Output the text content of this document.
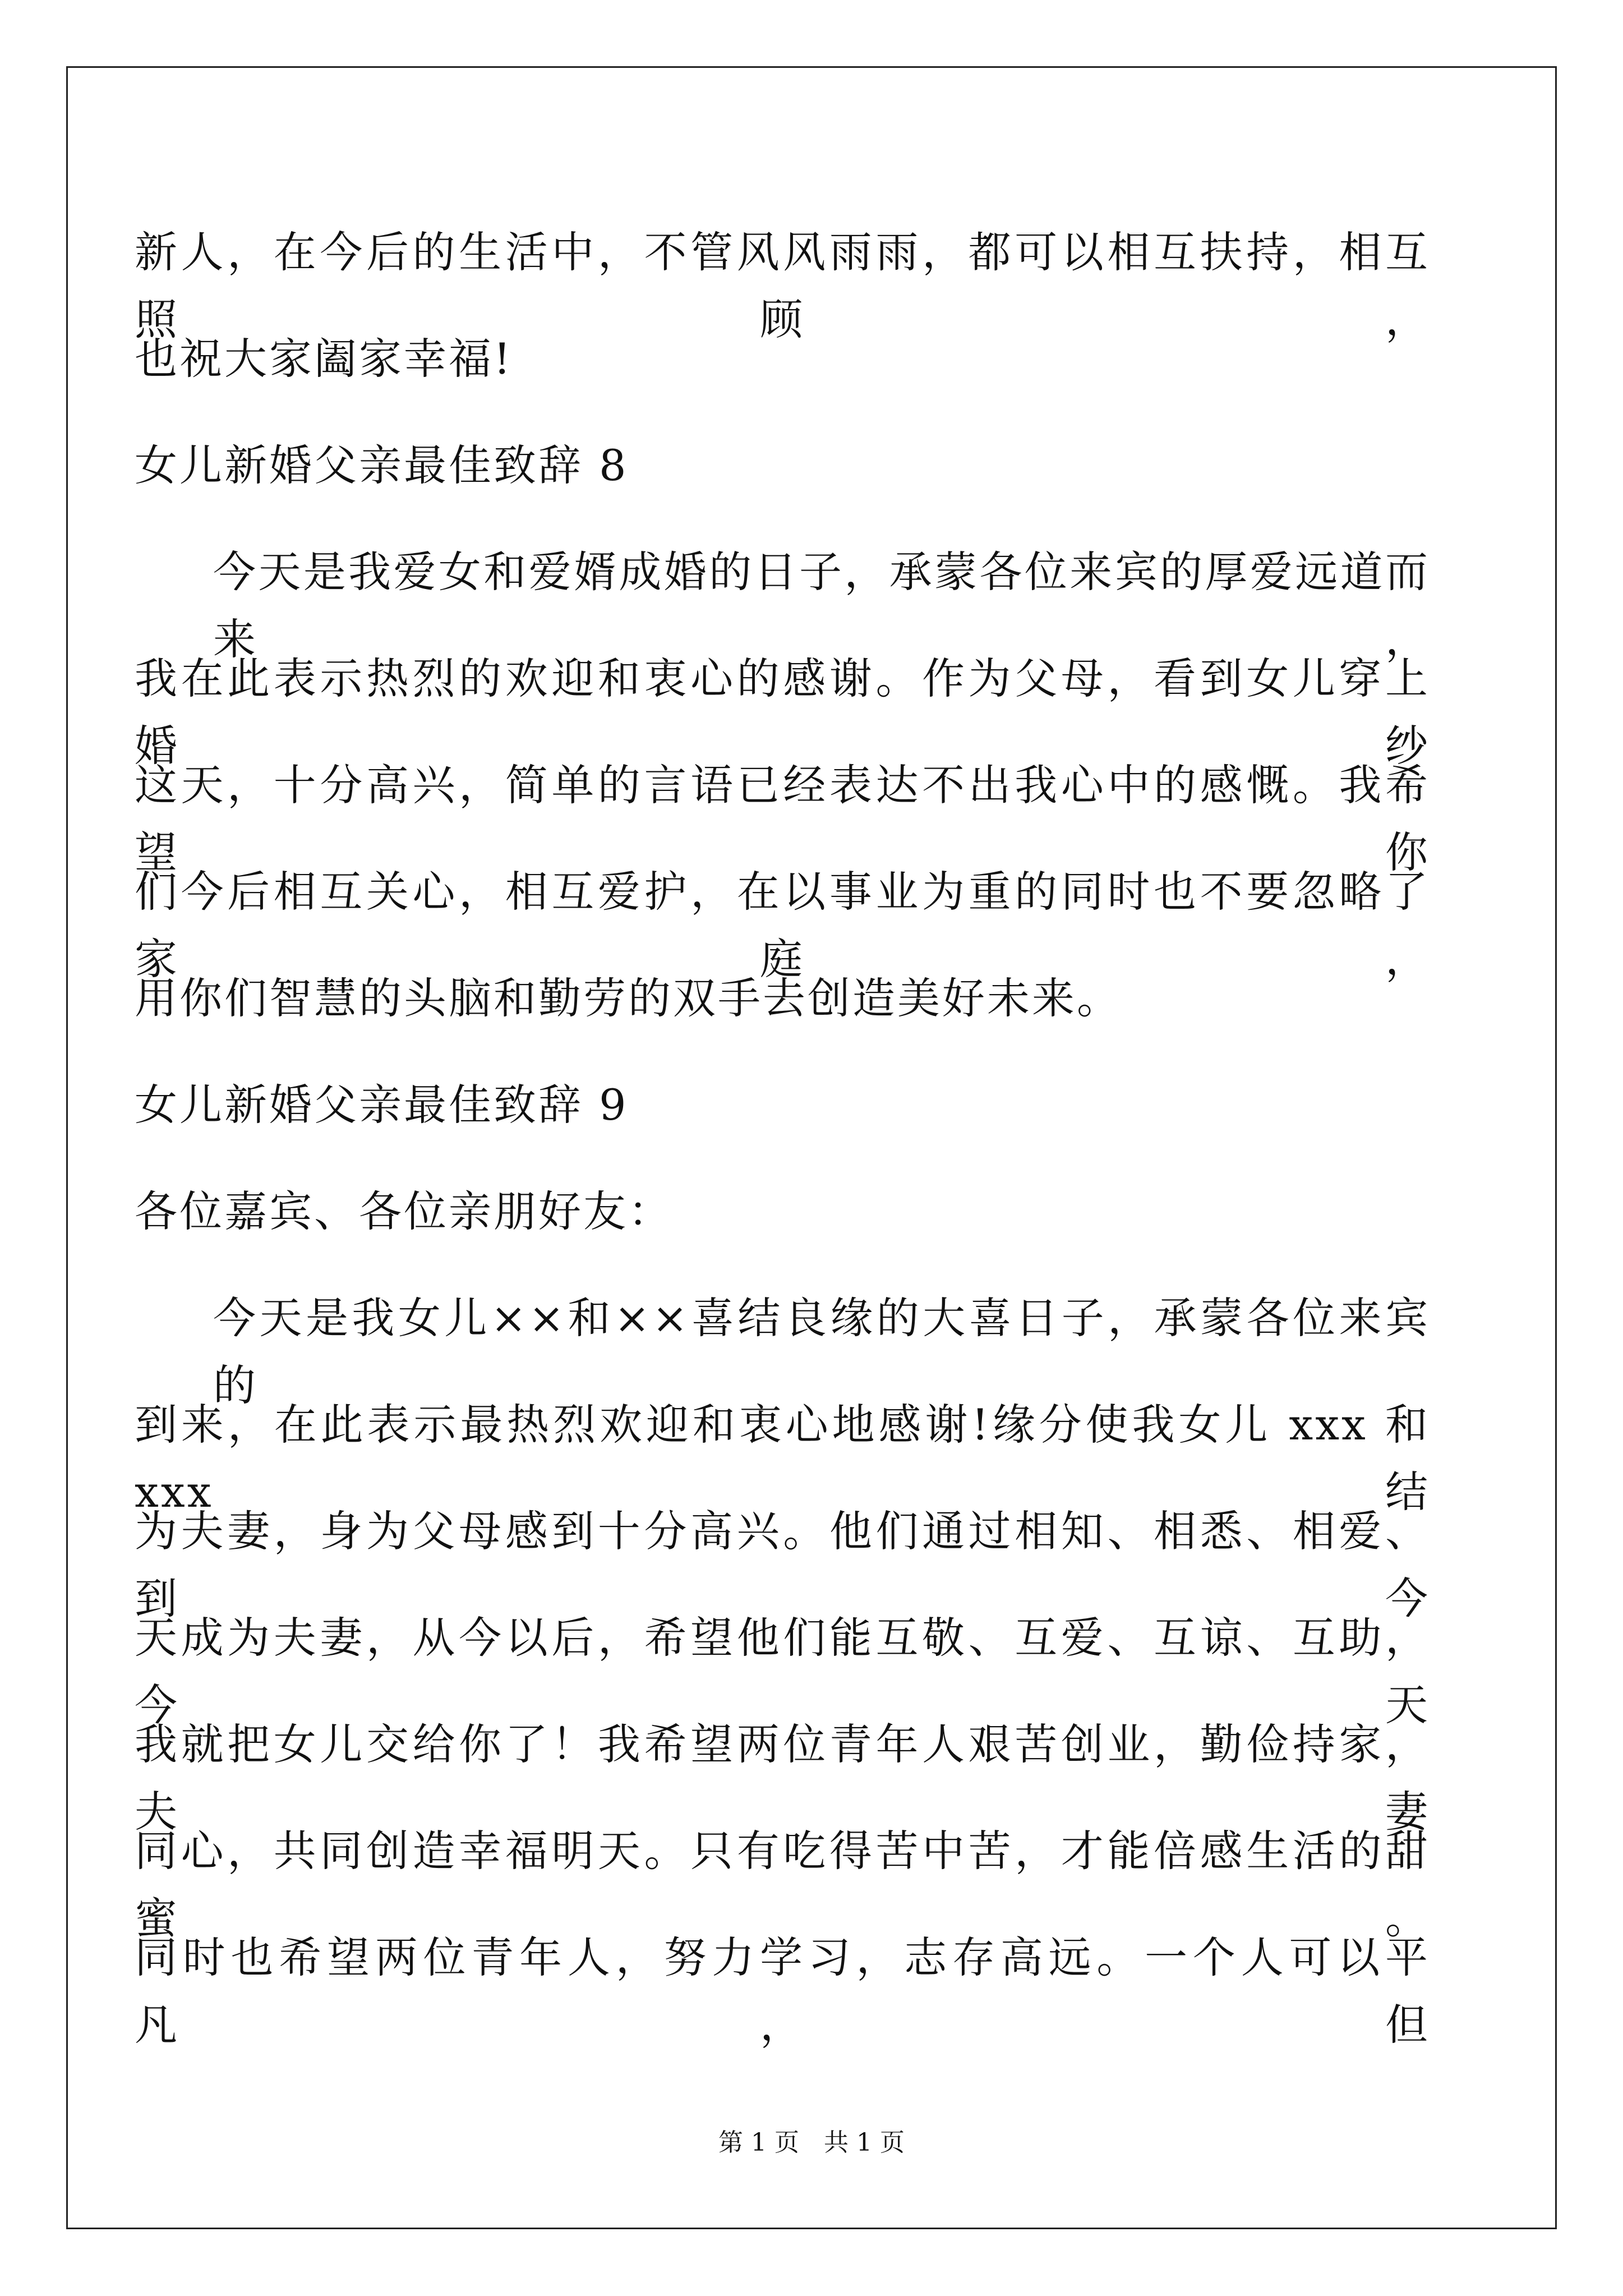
新人，在今后的生活中，不管风风雨雨，都可以相互扶持，相互照顾，
也祝大家阖家幸福!
女儿新婚父亲最佳致辞 8
今天是我爱女和爱婿成婚的日子，承蒙各位来宾的厚爱远道而来，
我在此表示热烈的欢迎和衷心的感谢。作为父母，看到女儿穿上婚纱
这天，十分高兴，简单的言语已经表达不出我心中的感慨。我希望你
们今后相互关心，相互爱护，在以事业为重的同时也不要忽略了家庭，
用你们智慧的头脑和勤劳的双手去创造美好未来。
女儿新婚父亲最佳致辞 9
各位嘉宾、各位亲朋好友：
今天是我女儿××和××喜结良缘的大喜日子，承蒙各位来宾的
到来，在此表示最热烈欢迎和衷心地感谢!缘分使我女儿 xxx 和 xxx 结
为夫妻，身为父母感到十分高兴。他们通过相知、相悉、相爱、到今
天成为夫妻，从今以后，希望他们能互敬、互爱、互谅、互助，今天
我就把女儿交给你了！我希望两位青年人艰苦创业，勤俭持家，夫妻
同心，共同创造幸福明天。只有吃得苦中苦，才能倍感生活的甜蜜。
同时也希望两位青年人，努力学习，志存高远。一个人可以平凡，但
第 1 页　共 1 页
